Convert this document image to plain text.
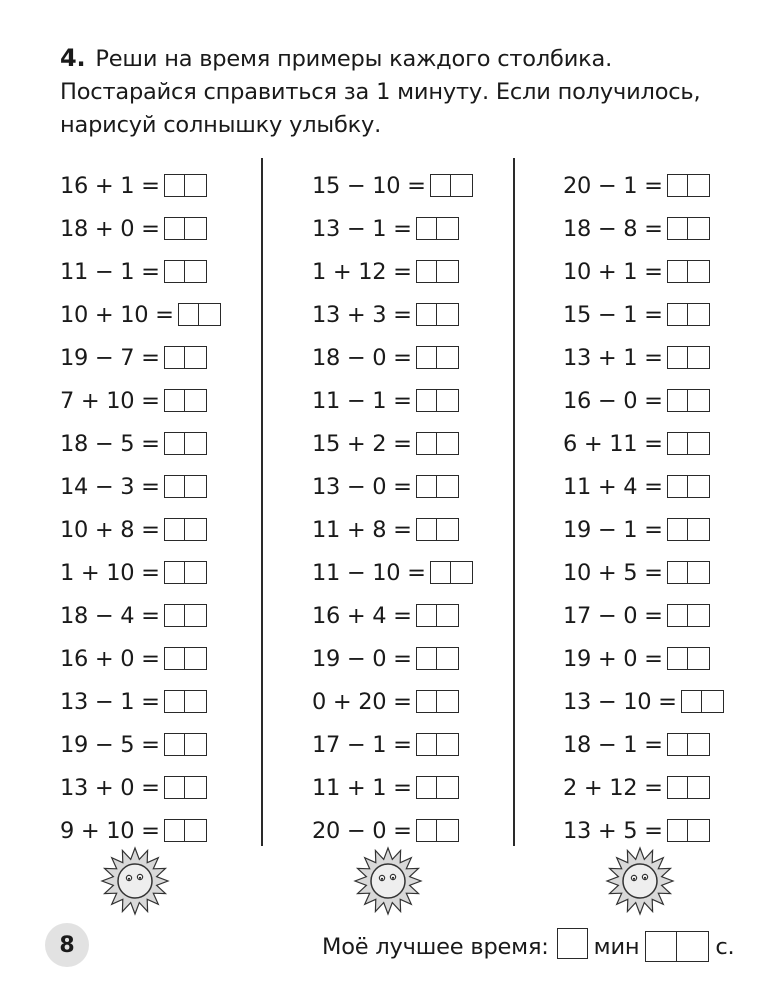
4. Реши на время примеры каждого столбика. Постарайся справиться за 1 минуту. Если получилось, нарисуй солнышку улыбку.
16 + 1 =
18 + 0 =
11 − 1 =
10 + 10 =
19 − 7 =
7 + 10 =
18 − 5 =
14 − 3 =
10 + 8 =
1 + 10 =
18 − 4 =
16 + 0 =
13 − 1 =
19 − 5 =
13 + 0 =
9 + 10 =
15 − 10 =
13 − 1 =
1 + 12 =
13 + 3 =
18 − 0 =
11 − 1 =
15 + 2 =
13 − 0 =
11 + 8 =
11 − 10 =
16 + 4 =
19 − 0 =
0 + 20 =
17 − 1 =
11 + 1 =
20 − 0 =
20 − 1 =
18 − 8 =
10 + 1 =
15 − 1 =
13 + 1 =
16 − 0 =
6 + 11 =
11 + 4 =
19 − 1 =
10 + 5 =
17 − 0 =
19 + 0 =
13 − 10 =
18 − 1 =
2 + 12 =
13 + 5 =
8	Моё лучшее время: мин	с.
